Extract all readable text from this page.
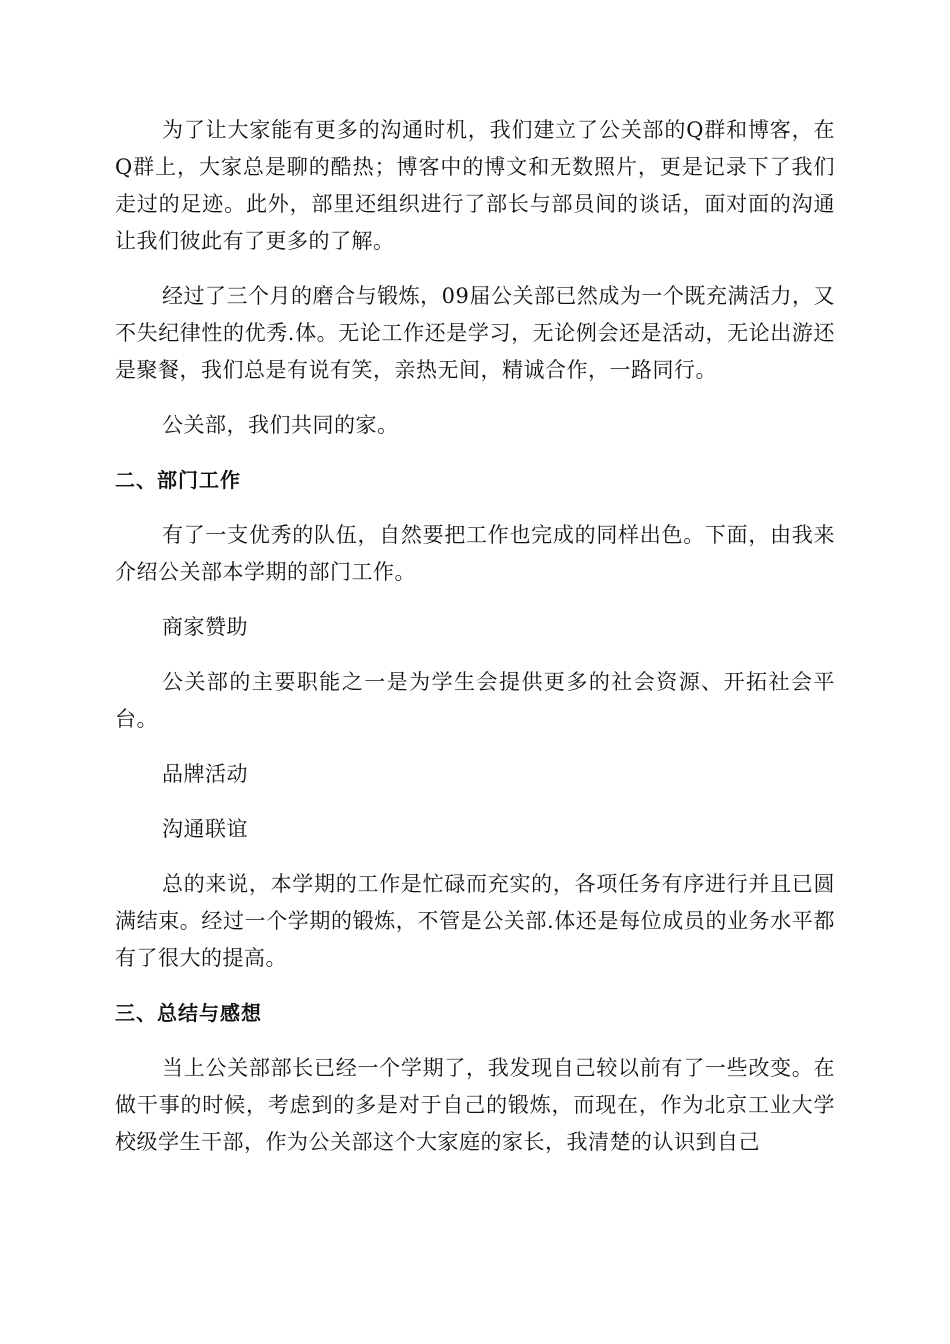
为了让大家能有更多的沟通时机，我们建立了公关部的Q群和博客，在Q群上，大家总是聊的酷热；博客中的博文和无数照片，更是记录下了我们走过的足迹。此外，部里还组织进行了部长与部员间的谈话，面对面的沟通让我们彼此有了更多的了解。

经过了三个月的磨合与锻炼，09届公关部已然成为一个既充满活力，又不失纪律性的优秀.体。无论工作还是学习，无论例会还是活动，无论出游还是聚餐，我们总是有说有笑，亲热无间，精诚合作，一路同行。

公关部，我们共同的家。

二、部门工作

有了一支优秀的队伍，自然要把工作也完成的同样出色。下面，由我来介绍公关部本学期的部门工作。

商家赞助

公关部的主要职能之一是为学生会提供更多的社会资源、开拓社会平台。

品牌活动

沟通联谊

总的来说，本学期的工作是忙碌而充实的，各项任务有序进行并且已圆满结束。经过一个学期的锻炼，不管是公关部.体还是每位成员的业务水平都有了很大的提高。

三、总结与感想

当上公关部部长已经一个学期了，我发现自己较以前有了一些改变。在做干事的时候，考虑到的多是对于自己的锻炼，而现在，作为北京工业大学校级学生干部，作为公关部这个大家庭的家长，我清楚的认识到自己
